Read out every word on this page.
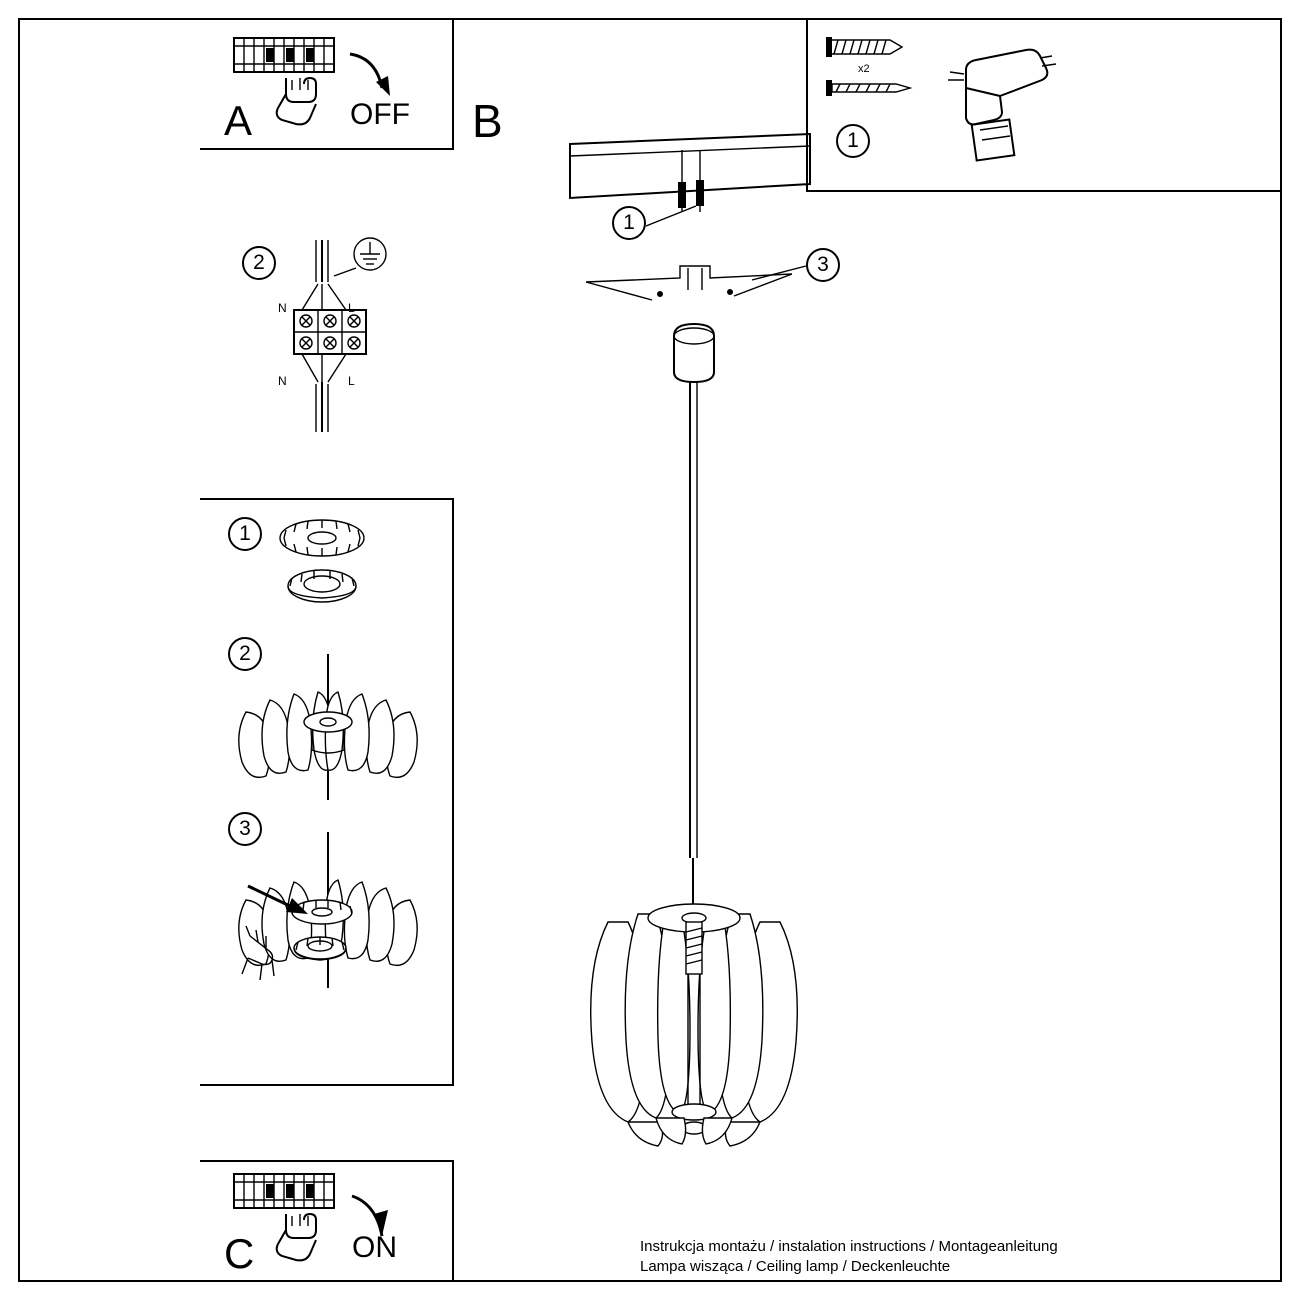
A	OFF B	1
x2
2
N	L
N	L
1
2
3
C	ON
1
3
Instrukcja montażu / instalation instructions / Montageanleitung
Lampa wisząca / Ceiling lamp / Deckenleuchte
